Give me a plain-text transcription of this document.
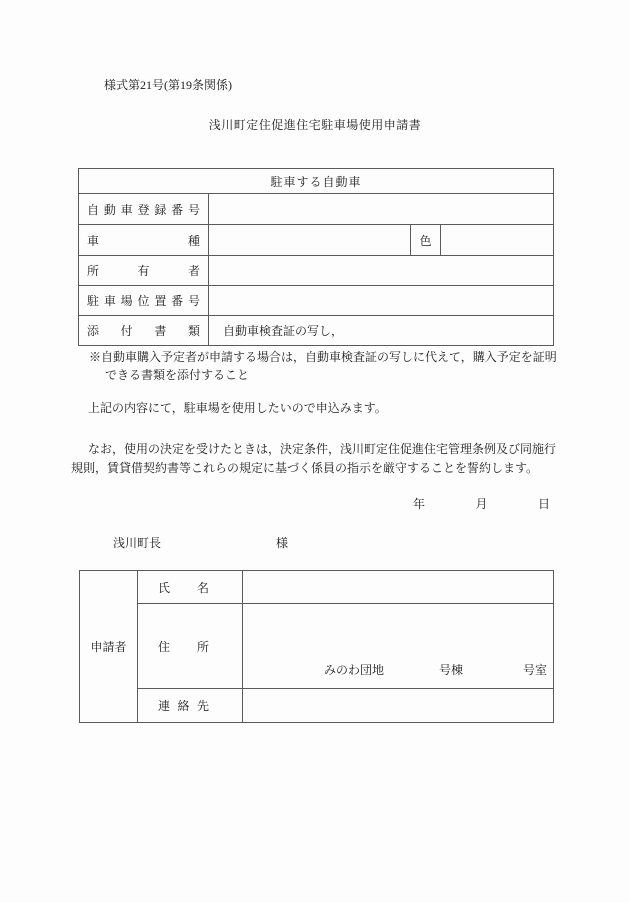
様式第21号(第19条関係)
浅川町定住促進住宅駐車場使用申請書
駐車する自動車			
自 動 車 登 録 番 号			
車 種		色	
所 有 者			
駐 車 場 位 置 番 号			
添 付 書 類	自動車検査証の写し，		
※自動車購入予定者が申請する場合は，自動車検査証の写しに代えて，購入予定を証明
できる書類を添付すること
上記の内容にて，駐車場を使用したいので申込みます。
なお，使用の決定を受けたときは，決定条件，浅川町定住促進住宅管理条例及び同施行
規則，賃貸借契約書等これらの規定に基づく係員の指示を厳守することを誓約します。
年	月	日
浅川町長	様
申請者	氏 名	
	住 所	みのわ団地 号棟 号室

	連 絡 先	
